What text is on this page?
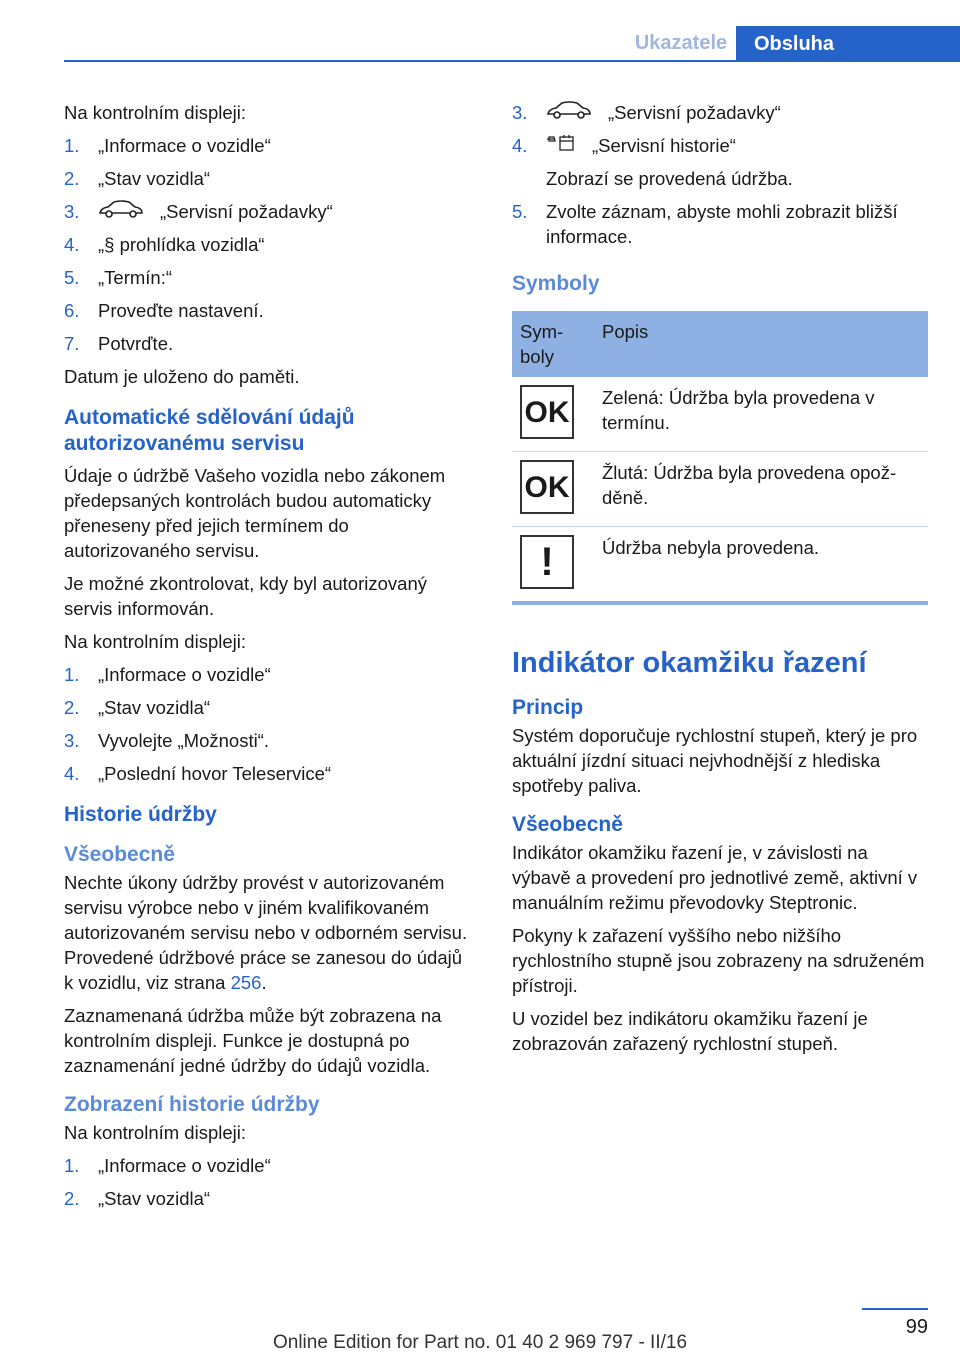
Ukazatele	Obsluha

Na kontrolním displeji:

1. „Informace o vozidle“
2. „Stav vozidla“
3.	„Servisní požadavky“
4. „§ prohlídka vozidla“
5. „Termín:“
6. Proveďte nastavení.
7. Potvrďte.

Datum je uloženo do paměti.

Automatické sdělování údajů autorizovanému servisu

Údaje o údržbě Vašeho vozidla nebo zákonem předepsaných kontrolách budou automaticky přeneseny před jejich termínem do autorizovaného servisu.

Je možné zkontrolovat, kdy byl autorizovaný servis informován.

Na kontrolním displeji:

1. „Informace o vozidle“
2. „Stav vozidla“
3. Vyvolejte „Možnosti“.
4. „Poslední hovor Teleservice“
Historie údržby
Všeobecně

Nechte úkony údržby provést v autorizovaném servisu výrobce nebo v jiném kvalifikovaném autorizovaném servisu nebo v odborném servisu. Provedené údržbové práce se zanesou do údajů k vozidlu, viz strana 256.

Zaznamenaná údržba může být zobrazena na kontrolním displeji. Funkce je dostupná po zaznamenání jedné údržby do údajů vozidla.

Zobrazení historie údržby

Na kontrolním displeji:

1. „Informace o vozidle“
2. „Stav vozidla“
3.	„Servisní požadavky“
4.	„Servisní historie“
Zobrazí se provedená údržba.
5. Zvolte záznam, abyste mohli zobrazit bližší informace.
Symboly
Sym-boly	Popis

OK	Zelená: Údržba byla provedena v termínu.

OK	Žlutá: Údržba byla provedena opož-děně.

!	Údržba nebyla provedena.
Indikátor okamžiku řazení
Princip

Systém doporučuje rychlostní stupeň, který je pro aktuální jízdní situaci nejvhodnější z hlediska spotřeby paliva.

Všeobecně

Indikátor okamžiku řazení je, v závislosti na výbavě a provedení pro jednotlivé země, aktivní v manuálním režimu převodovky Steptronic.

Pokyny k zařazení vyššího nebo nižšího rychlostního stupně jsou zobrazeny na sdruženém přístroji.

U vozidel bez indikátoru okamžiku řazení je zobrazován zařazený rychlostní stupeň.

99
Online Edition for Part no. 01 40 2 969 797 - II/16
